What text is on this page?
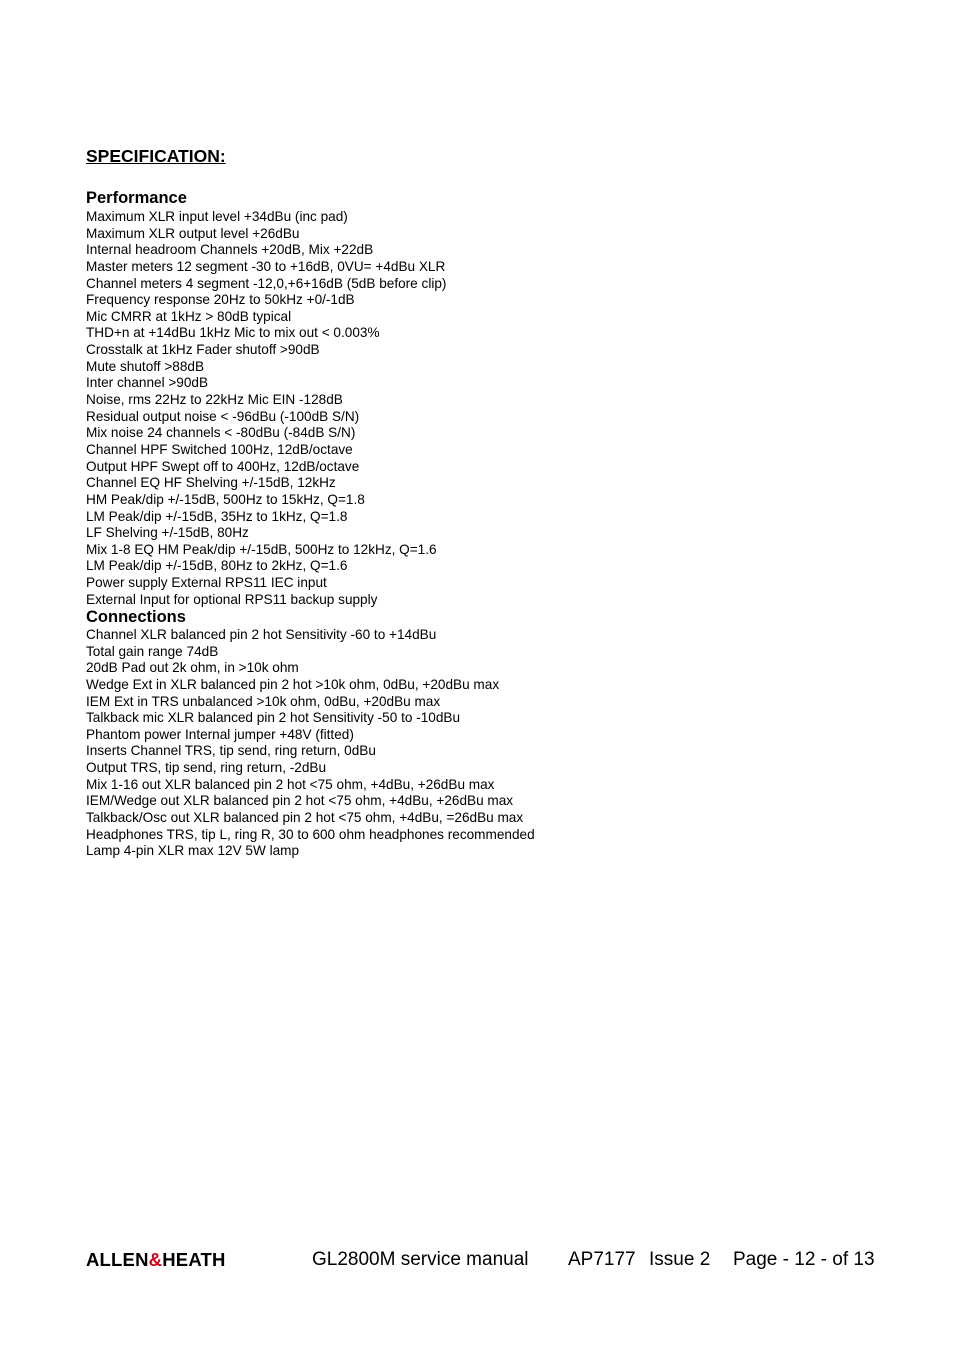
SPECIFICATION:
Performance
Maximum XLR input level +34dBu (inc pad)
Maximum XLR output level +26dBu
Internal headroom Channels +20dB, Mix +22dB
Master meters 12 segment -30 to +16dB, 0VU= +4dBu XLR
Channel meters 4 segment -12,0,+6+16dB (5dB before clip)
Frequency response 20Hz to 50kHz +0/-1dB
Mic CMRR at 1kHz > 80dB typical
THD+n at +14dBu 1kHz Mic to mix out < 0.003%
Crosstalk at 1kHz Fader shutoff >90dB
Mute shutoff >88dB
Inter channel >90dB
Noise, rms 22Hz to 22kHz Mic EIN -128dB
Residual output noise < -96dBu (-100dB S/N)
Mix noise 24 channels < -80dBu (-84dB S/N)
Channel HPF Switched 100Hz, 12dB/octave
Output HPF Swept off to 400Hz, 12dB/octave
Channel EQ HF Shelving +/-15dB, 12kHz
HM Peak/dip +/-15dB, 500Hz to 15kHz, Q=1.8
LM Peak/dip +/-15dB, 35Hz to 1kHz, Q=1.8
LF Shelving +/-15dB, 80Hz
Mix 1-8 EQ HM Peak/dip +/-15dB, 500Hz to 12kHz, Q=1.6
LM Peak/dip +/-15dB, 80Hz to 2kHz, Q=1.6
Power supply External RPS11 IEC input
External Input for optional RPS11 backup supply
Connections
Channel XLR balanced pin 2 hot Sensitivity -60 to +14dBu
Total gain range 74dB
20dB Pad out 2k ohm, in >10k ohm
Wedge Ext in XLR balanced pin 2 hot >10k ohm, 0dBu, +20dBu max
IEM Ext in TRS unbalanced >10k ohm, 0dBu, +20dBu max
Talkback mic XLR balanced pin 2 hot Sensitivity -50 to -10dBu
Phantom power Internal jumper +48V (fitted)
Inserts Channel TRS, tip send, ring return, 0dBu
Output TRS, tip send, ring return, -2dBu
Mix 1-16 out XLR balanced pin 2 hot <75 ohm, +4dBu, +26dBu max
IEM/Wedge out XLR balanced pin 2 hot <75 ohm, +4dBu, +26dBu max
Talkback/Osc out XLR balanced pin 2 hot <75 ohm, +4dBu, =26dBu max
Headphones TRS, tip L, ring R, 30 to 600 ohm headphones recommended
Lamp 4-pin XLR max 12V 5W lamp
ALLEN&HEATH	GL2800M service manual AP7177 Issue 2 Page - 12 - of 13
